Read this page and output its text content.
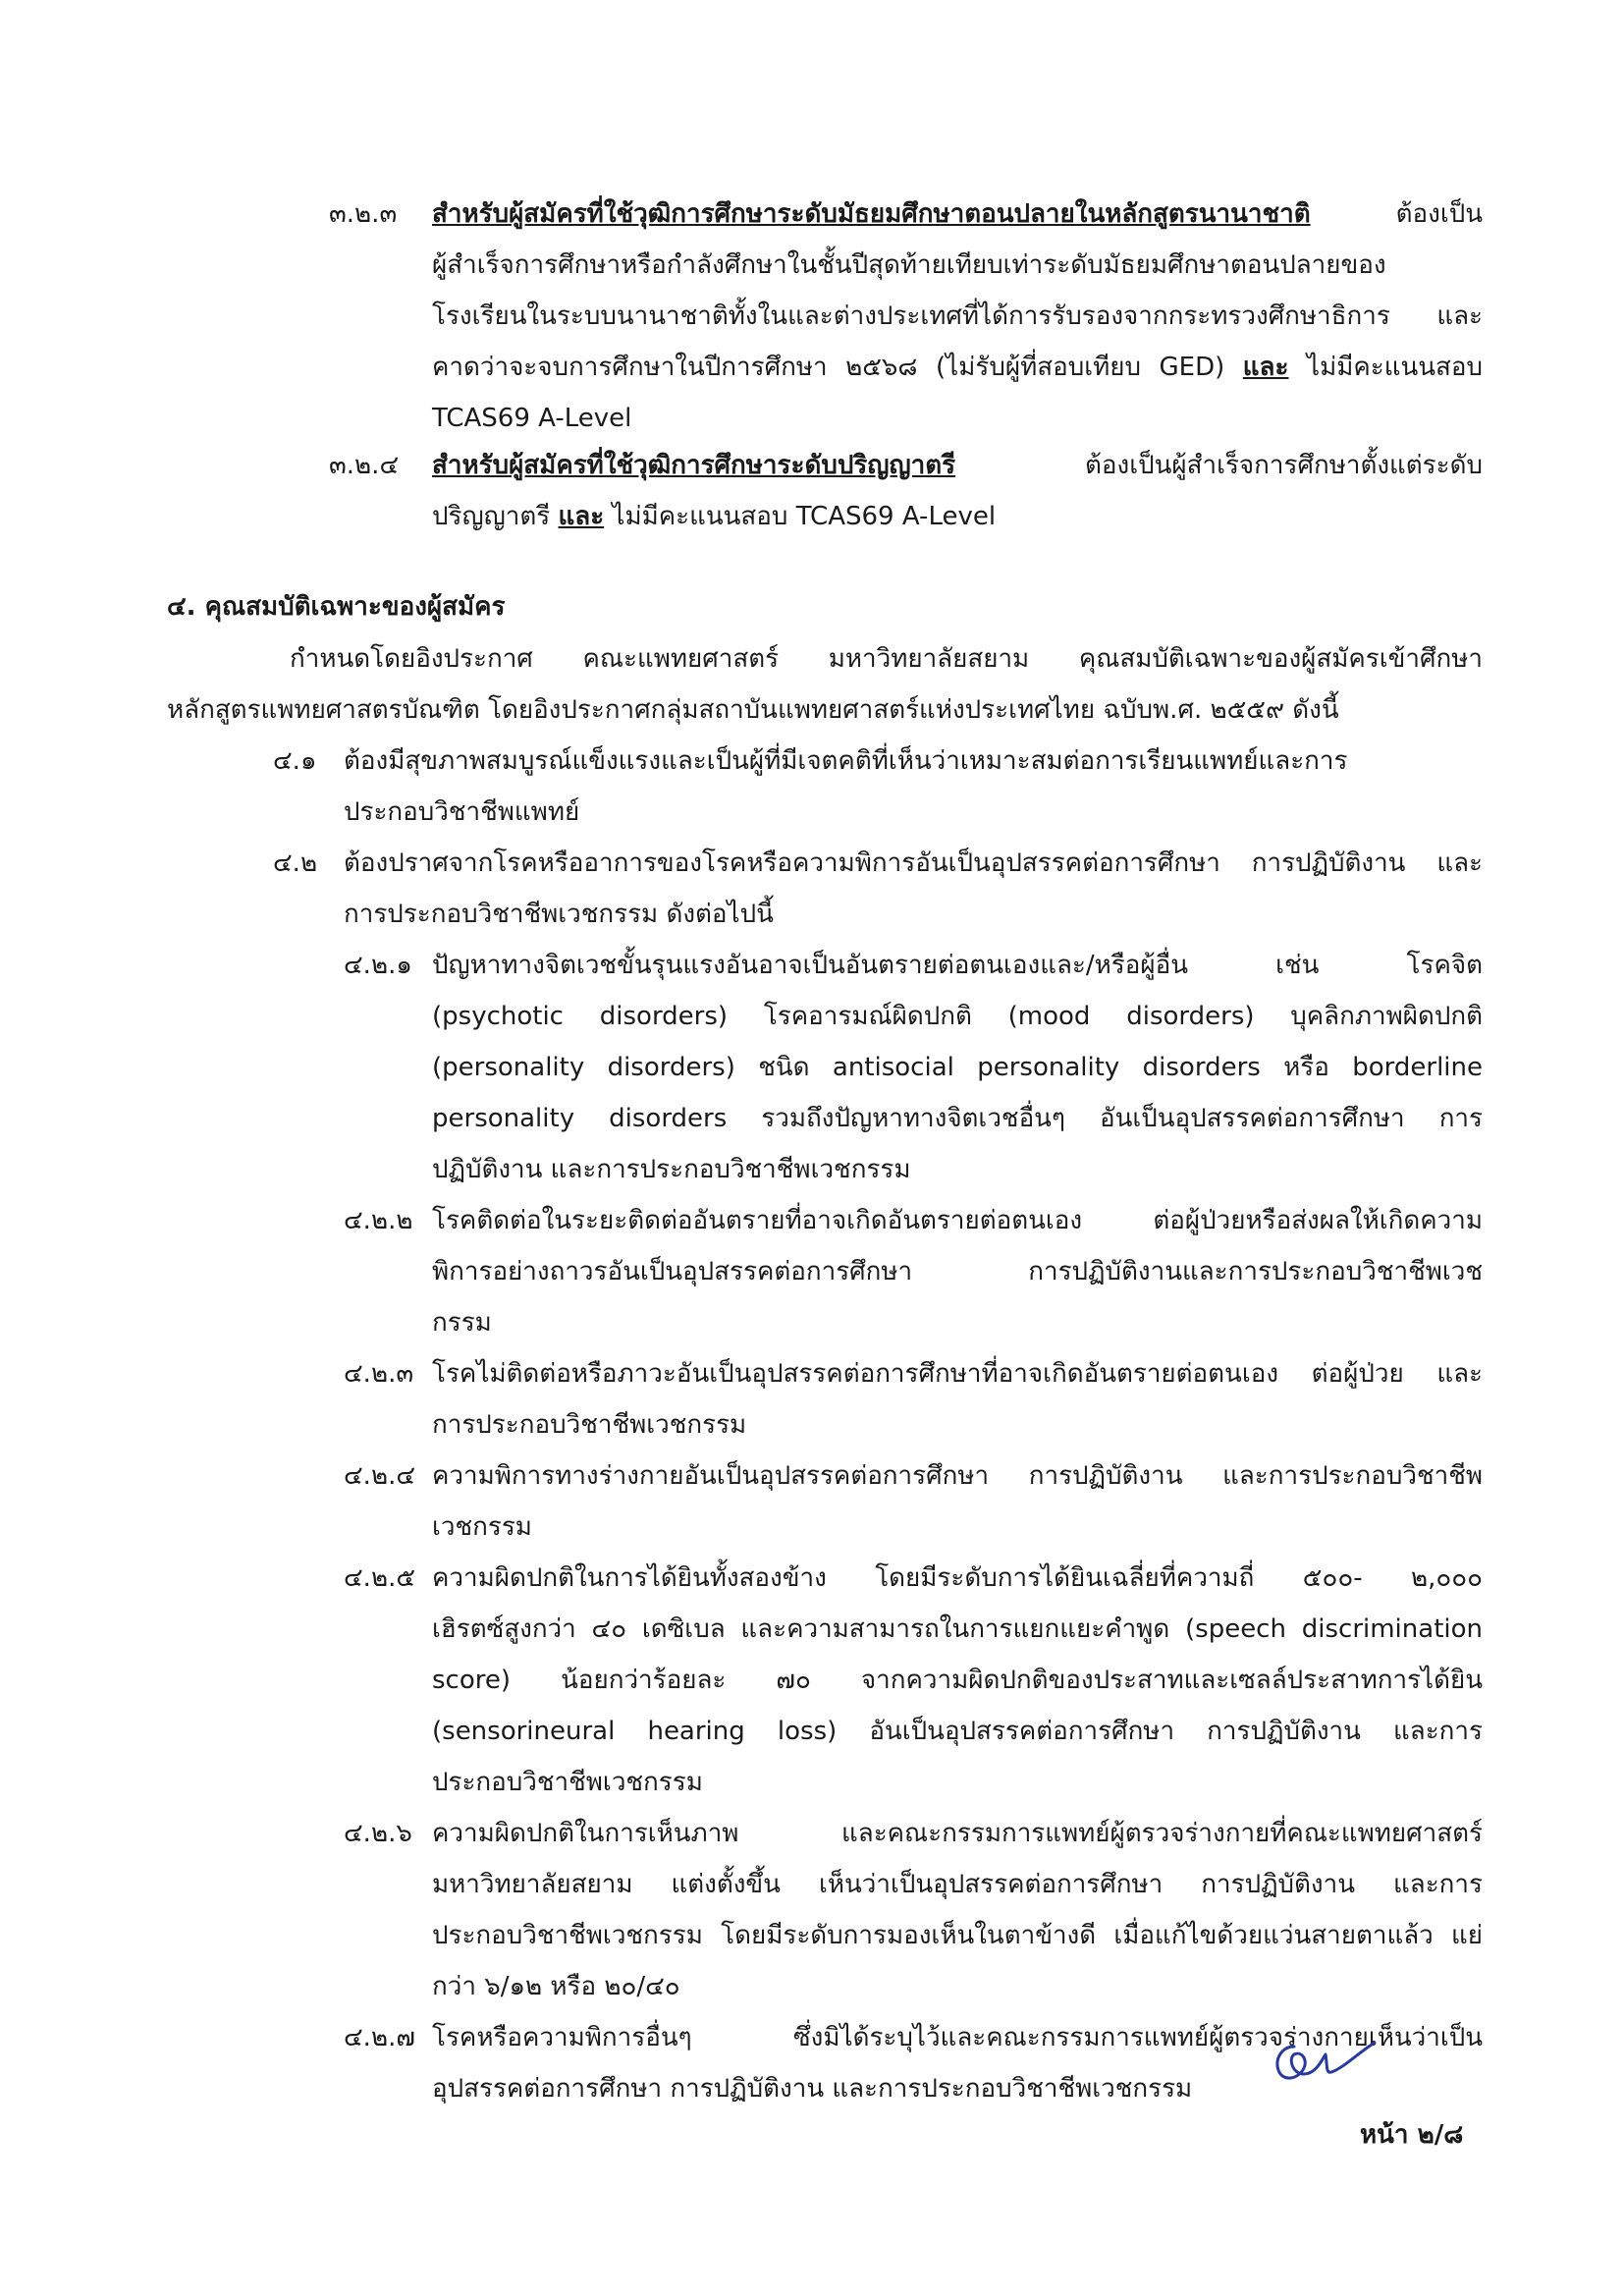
๓.๒.๓ สำหรับผู้สมัครที่ใช้วุฒิการศึกษาระดับมัธยมศึกษาตอนปลายในหลักสูตรนานาชาติ ต้องเป็น
ผู้สำเร็จการศึกษาหรือกำลังศึกษาในชั้นปีสุดท้ายเทียบเท่าระดับมัธยมศึกษาตอนปลายของ
โรงเรียนในระบบนานาชาติทั้งในและต่างประเทศที่ได้การรับรองจากกระทรวงศึกษาธิการ และ
คาดว่าจะจบการศึกษาในปีการศึกษา ๒๕๖๘ (ไม่รับผู้ที่สอบเทียบ GED) และ ไม่มีคะแนนสอบ
TCAS69 A-Level
๓.๒.๔ สำหรับผู้สมัครที่ใช้วุฒิการศึกษาระดับปริญญาตรี ต้องเป็นผู้สำเร็จการศึกษาตั้งแต่ระดับ
ปริญญาตรี และ ไม่มีคะแนนสอบ TCAS69 A-Level
๔. คุณสมบัติเฉพาะของผู้สมัคร
กำหนดโดยอิงประกาศ คณะแพทยศาสตร์ มหาวิทยาลัยสยาม คุณสมบัติเฉพาะของผู้สมัครเข้าศึกษา
หลักสูตรแพทยศาสตรบัณฑิต โดยอิงประกาศกลุ่มสถาบันแพทยศาสตร์แห่งประเทศไทย ฉบับพ.ศ. ๒๕๕๙ ดังนี้
๔.๑ ต้องมีสุขภาพสมบูรณ์แข็งแรงและเป็นผู้ที่มีเจตคติที่เห็นว่าเหมาะสมต่อการเรียนแพทย์และการ
ประกอบวิชาชีพแพทย์
๔.๒ ต้องปราศจากโรคหรืออาการของโรคหรือความพิการอันเป็นอุปสรรคต่อการศึกษา การปฏิบัติงาน และ
การประกอบวิชาชีพเวชกรรม ดังต่อไปนี้
๔.๒.๑ ปัญหาทางจิตเวชขั้นรุนแรงอันอาจเป็นอันตรายต่อตนเองและ/หรือผู้อื่น เช่น โรคจิต
(psychotic disorders) โรคอารมณ์ผิดปกติ (mood disorders) บุคลิกภาพผิดปกติ
(personality disorders) ชนิด antisocial personality disorders หรือ borderline
personality disorders รวมถึงปัญหาทางจิตเวชอื่นๆ อันเป็นอุปสรรคต่อการศึกษา การ
ปฏิบัติงาน และการประกอบวิชาชีพเวชกรรม
๔.๒.๒ โรคติดต่อในระยะติดต่ออันตรายที่อาจเกิดอันตรายต่อตนเอง ต่อผู้ป่วยหรือส่งผลให้เกิดความ
พิการอย่างถาวรอันเป็นอุปสรรคต่อการศึกษา การปฏิบัติงานและการประกอบวิชาชีพเวช
กรรม
๔.๒.๓ โรคไม่ติดต่อหรือภาวะอันเป็นอุปสรรคต่อการศึกษาที่อาจเกิดอันตรายต่อตนเอง ต่อผู้ป่วย และ
การประกอบวิชาชีพเวชกรรม
๔.๒.๔ ความพิการทางร่างกายอันเป็นอุปสรรคต่อการศึกษา การปฏิบัติงาน และการประกอบวิชาชีพ
เวชกรรม
๔.๒.๕ ความผิดปกติในการได้ยินทั้งสองข้าง โดยมีระดับการได้ยินเฉลี่ยที่ความถี่ ๕๐๐- ๒,๐๐๐
เฮิรตซ์สูงกว่า ๔๐ เดซิเบล และความสามารถในการแยกแยะคำพูด (speech discrimination
score) น้อยกว่าร้อยละ ๗๐ จากความผิดปกติของประสาทและเซลล์ประสาทการได้ยิน
(sensorineural hearing loss) อันเป็นอุปสรรคต่อการศึกษา การปฏิบัติงาน และการ
ประกอบวิชาชีพเวชกรรม
๔.๒.๖ ความผิดปกติในการเห็นภาพ และคณะกรรมการแพทย์ผู้ตรวจร่างกายที่คณะแพทยศาสตร์
มหาวิทยาลัยสยาม แต่งตั้งขึ้น เห็นว่าเป็นอุปสรรคต่อการศึกษา การปฏิบัติงาน และการ
ประกอบวิชาชีพเวชกรรม โดยมีระดับการมองเห็นในตาข้างดี เมื่อแก้ไขด้วยแว่นสายตาแล้ว แย่
กว่า ๖/๑๒ หรือ ๒๐/๔๐
๔.๒.๗ โรคหรือความพิการอื่นๆ ซึ่งมิได้ระบุไว้และคณะกรรมการแพทย์ผู้ตรวจร่างกายเห็นว่าเป็น
อุปสรรคต่อการศึกษา การปฏิบัติงาน และการประกอบวิชาชีพเวชกรรม
หน้า ๒/๘
